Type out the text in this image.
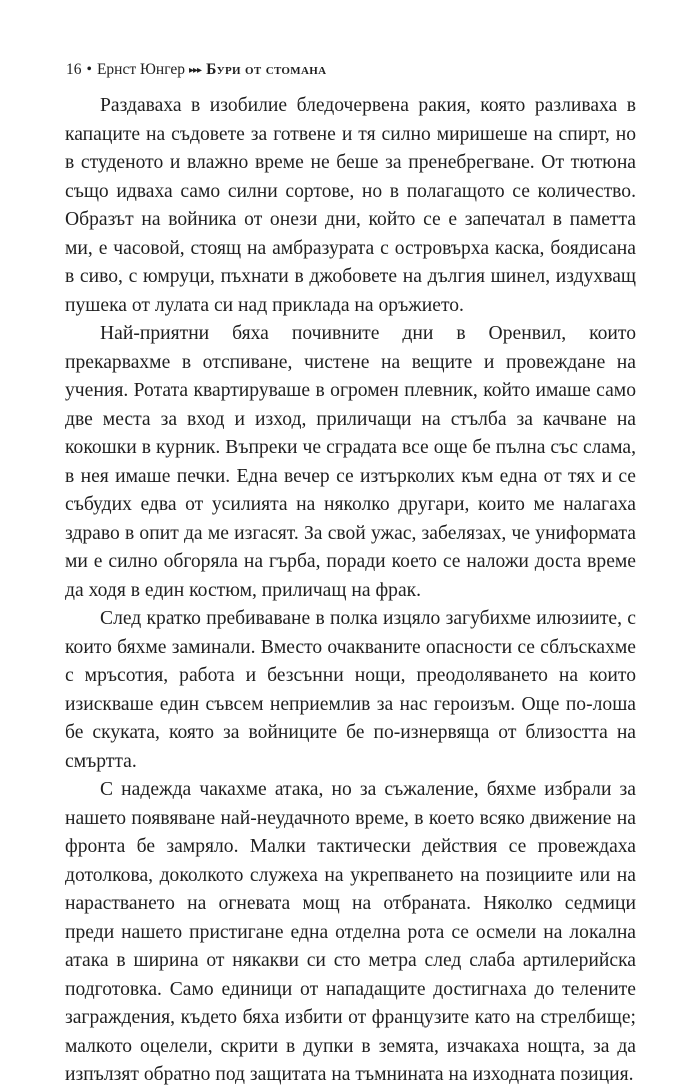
16 • Ернст Юнгер ▸▸▸ Бури от стомана

Раздаваха в изобилие бледочервена ракия, която разливаха в капаците на съдовете за готвене и тя силно миришеше на спирт, но в студеното и влажно време не беше за пренебрегване. От тютюна също идваха само силни сортове, но в полагащото се количество. Образът на войника от онези дни, който се е запечатал в паметта ми, е часовой, стоящ на амбразурата с островърха каска, боядисана в сиво, с юмруци, пъхнати в джобовете на дългия шинел, издухващ пушека от лулата си над приклада на оръжието.

Най-приятни бяха почивните дни в Оренвил, които прекарвахме в отспиване, чистене на вещите и провеждане на учения. Ротата квартируваше в огромен плевник, който имаше само две места за вход и изход, приличащи на стълба за качване на кокошки в курник. Въпреки че сградата все още бе пълна със слама, в нея имаше печки. Една вечер се изтърколих към една от тях и се събудих едва от усилията на няколко другари, които ме налагаха здраво в опит да ме изгасят. За свой ужас, забелязах, че униформата ми е силно обгоряла на гърба, поради което се наложи доста време да ходя в един костюм, приличащ на фрак.

След кратко пребиваване в полка изцяло загубихме илюзиите, с които бяхме заминали. Вместо очакваните опасности се сблъскахме с мръсотия, работа и безсънни нощи, преодоляването на които изискваше един съвсем неприемлив за нас героизъм. Още по-лоша бе скуката, която за войниците бе по-изнервяща от близостта на смъртта.

С надежда чакахме атака, но за съжаление, бяхме избрали за нашето появяване най-неудачното време, в което всяко движение на фронта бе замряло. Малки тактически действия се провеждаха дотолкова, доколкото служеха на укрепването на позициите или на нарастването на огневата мощ на отбраната. Няколко седмици преди нашето пристигане една отделна рота се осмели на локална атака в ширина от някакви си сто метра след слаба артилерийска подготовка. Само единици от нападащите достигнаха до телените заграждения, където бяха избити от французите като на стрелбище; малкото оцелели, скрити в дупки в земята, изчакаха нощта, за да изпълзят обратно под защитата на тъмнината на изходната позиция.
